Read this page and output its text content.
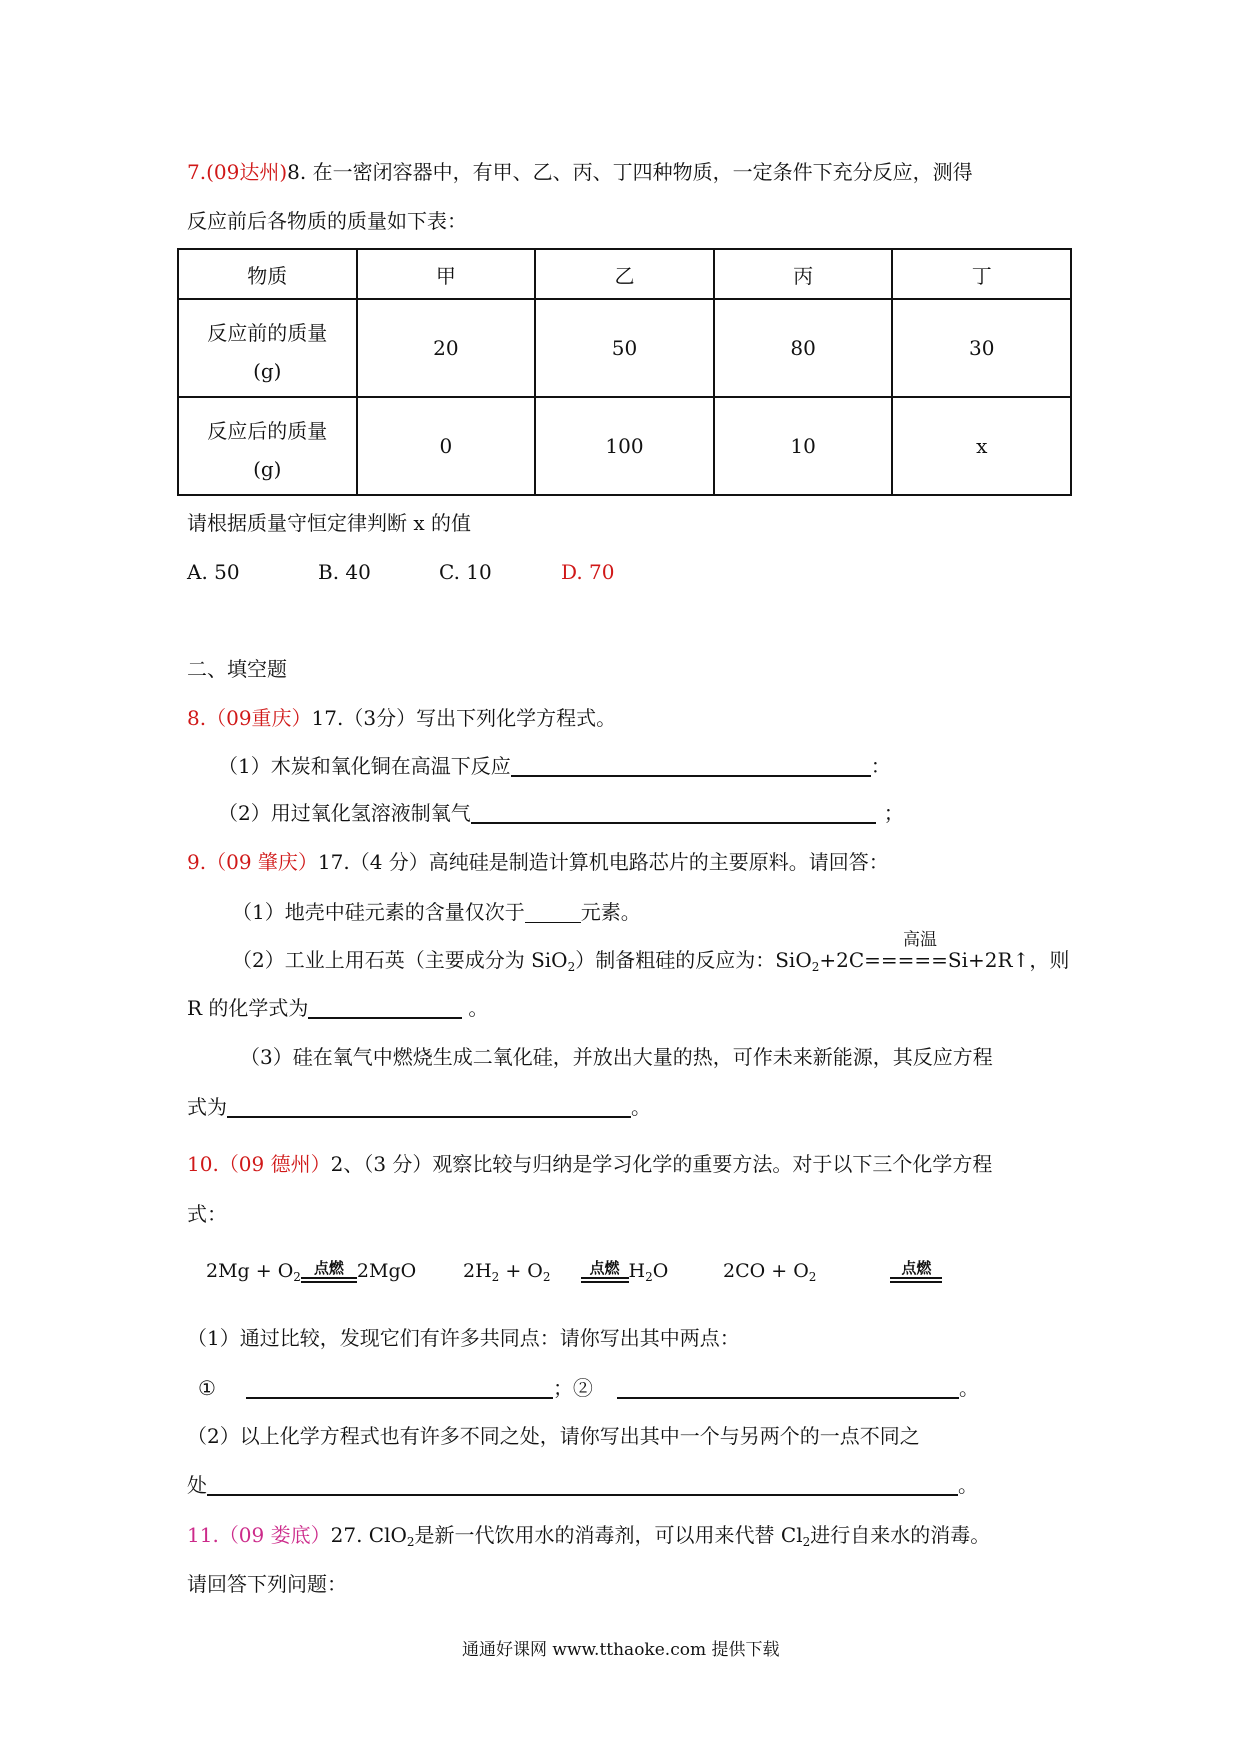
7.(09达州)8. 在一密闭容器中，有甲、乙、丙、丁四种物质，一定条件下充分反应，测得
反应前后各物质的质量如下表：
物质	甲	乙	丙	丁

反应前的质量
(g)	20	50	80	30

反应后的质量
(g)	0	100	10	x
请根据质量守恒定律判断 x 的值
A. 50	B. 40	C. 10	D. 70
二、填空题
8.（09重庆）17.（3分）写出下列化学方程式。
（1）木炭和氧化铜在高温下反应	：
（2）用过氧化氢溶液制氧气	；
9.（09 肇庆）17.（4 分）高纯硅是制造计算机电路芯片的主要原料。请回答：
（1）地壳中硅元素的含量仅次于	元素。
高温
（2）工业上用石英（主要成分为 SiO$_2$）制备粗硅的反应为：SiO$_2$+2C=====Si+2R↑，则
R 的化学式为	。
（3）硅在氧气中燃烧生成二氧化硅，并放出大量的热，可作未来新能源，其反应方程
式为	。
10.（09 德州）2、（3 分）观察比较与归纳是学习化学的重要方法。对于以下三个化学方程
式：
$2Mg + O_2$ 点燃 2MgO $2H_2 + O_2$	点燃 $H_2O$	$2CO + O_2$	点燃
（1）通过比较，发现它们有许多共同点：请你写出其中两点：
①	；②	。
（2）以上化学方程式也有许多不同之处，请你写出其中一个与另两个的一点不同之
处	。
11.（09 娄底）27. ClO$_2$是新一代饮用水的消毒剂，可以用来代替 $Cl_2$进行自来水的消毒。
请回答下列问题：
通通好课网 www.tthaoke.com 提供下载
